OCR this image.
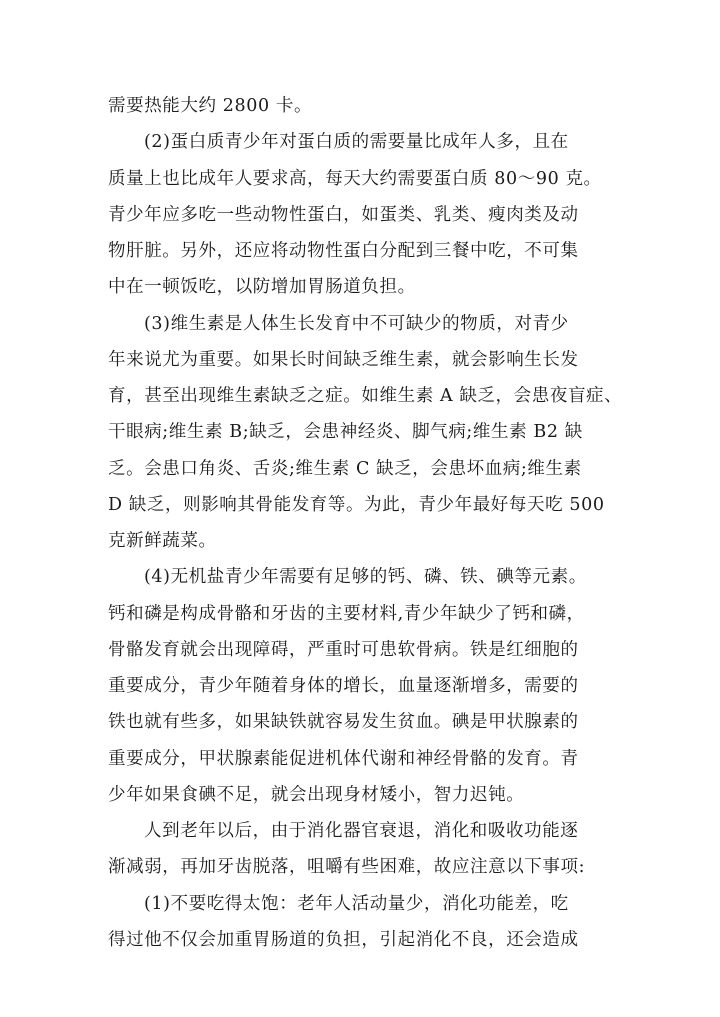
需要热能大约 2800 卡。
(2)蛋白质青少年对蛋白质的需要量比成年人多，且在
质量上也比成年人要求高，每天大约需要蛋白质 80～90 克。
青少年应多吃一些动物性蛋白，如蛋类、乳类、瘦肉类及动
物肝脏。另外，还应将动物性蛋白分配到三餐中吃，不可集
中在一顿饭吃，以防增加胃肠道负担。
(3)维生素是人体生长发育中不可缺少的物质，对青少
年来说尤为重要。如果长时间缺乏维生素，就会影响生长发
育，甚至出现维生素缺乏之症。如维生素 A 缺乏，会患夜盲症、
干眼病;维生素 B;缺乏，会患神经炎、脚气病;维生素 B2 缺
乏。会患口角炎、舌炎;维生素 C 缺乏，会患坏血病;维生素
D 缺乏，则影响其骨能发育等。为此，青少年最好每天吃 500
克新鲜蔬菜。
(4)无机盐青少年需要有足够的钙、磷、铁、碘等元素。
钙和磷是构成骨骼和牙齿的主要材料,青少年缺少了钙和磷，
骨骼发育就会出现障碍，严重时可患软骨病。铁是红细胞的
重要成分，青少年随着身体的增长，血量逐渐增多，需要的
铁也就有些多，如果缺铁就容易发生贫血。碘是甲状腺素的
重要成分，甲状腺素能促进机体代谢和神经骨骼的发育。青
少年如果食碘不足，就会出现身材矮小，智力迟钝。
人到老年以后，由于消化器官衰退，消化和吸收功能逐
渐减弱，再加牙齿脱落，咀嚼有些困难，故应注意以下事项:
(1)不要吃得太饱：老年人活动量少，消化功能差，吃
得过他不仅会加重胃肠道的负担，引起消化不良，还会造成
